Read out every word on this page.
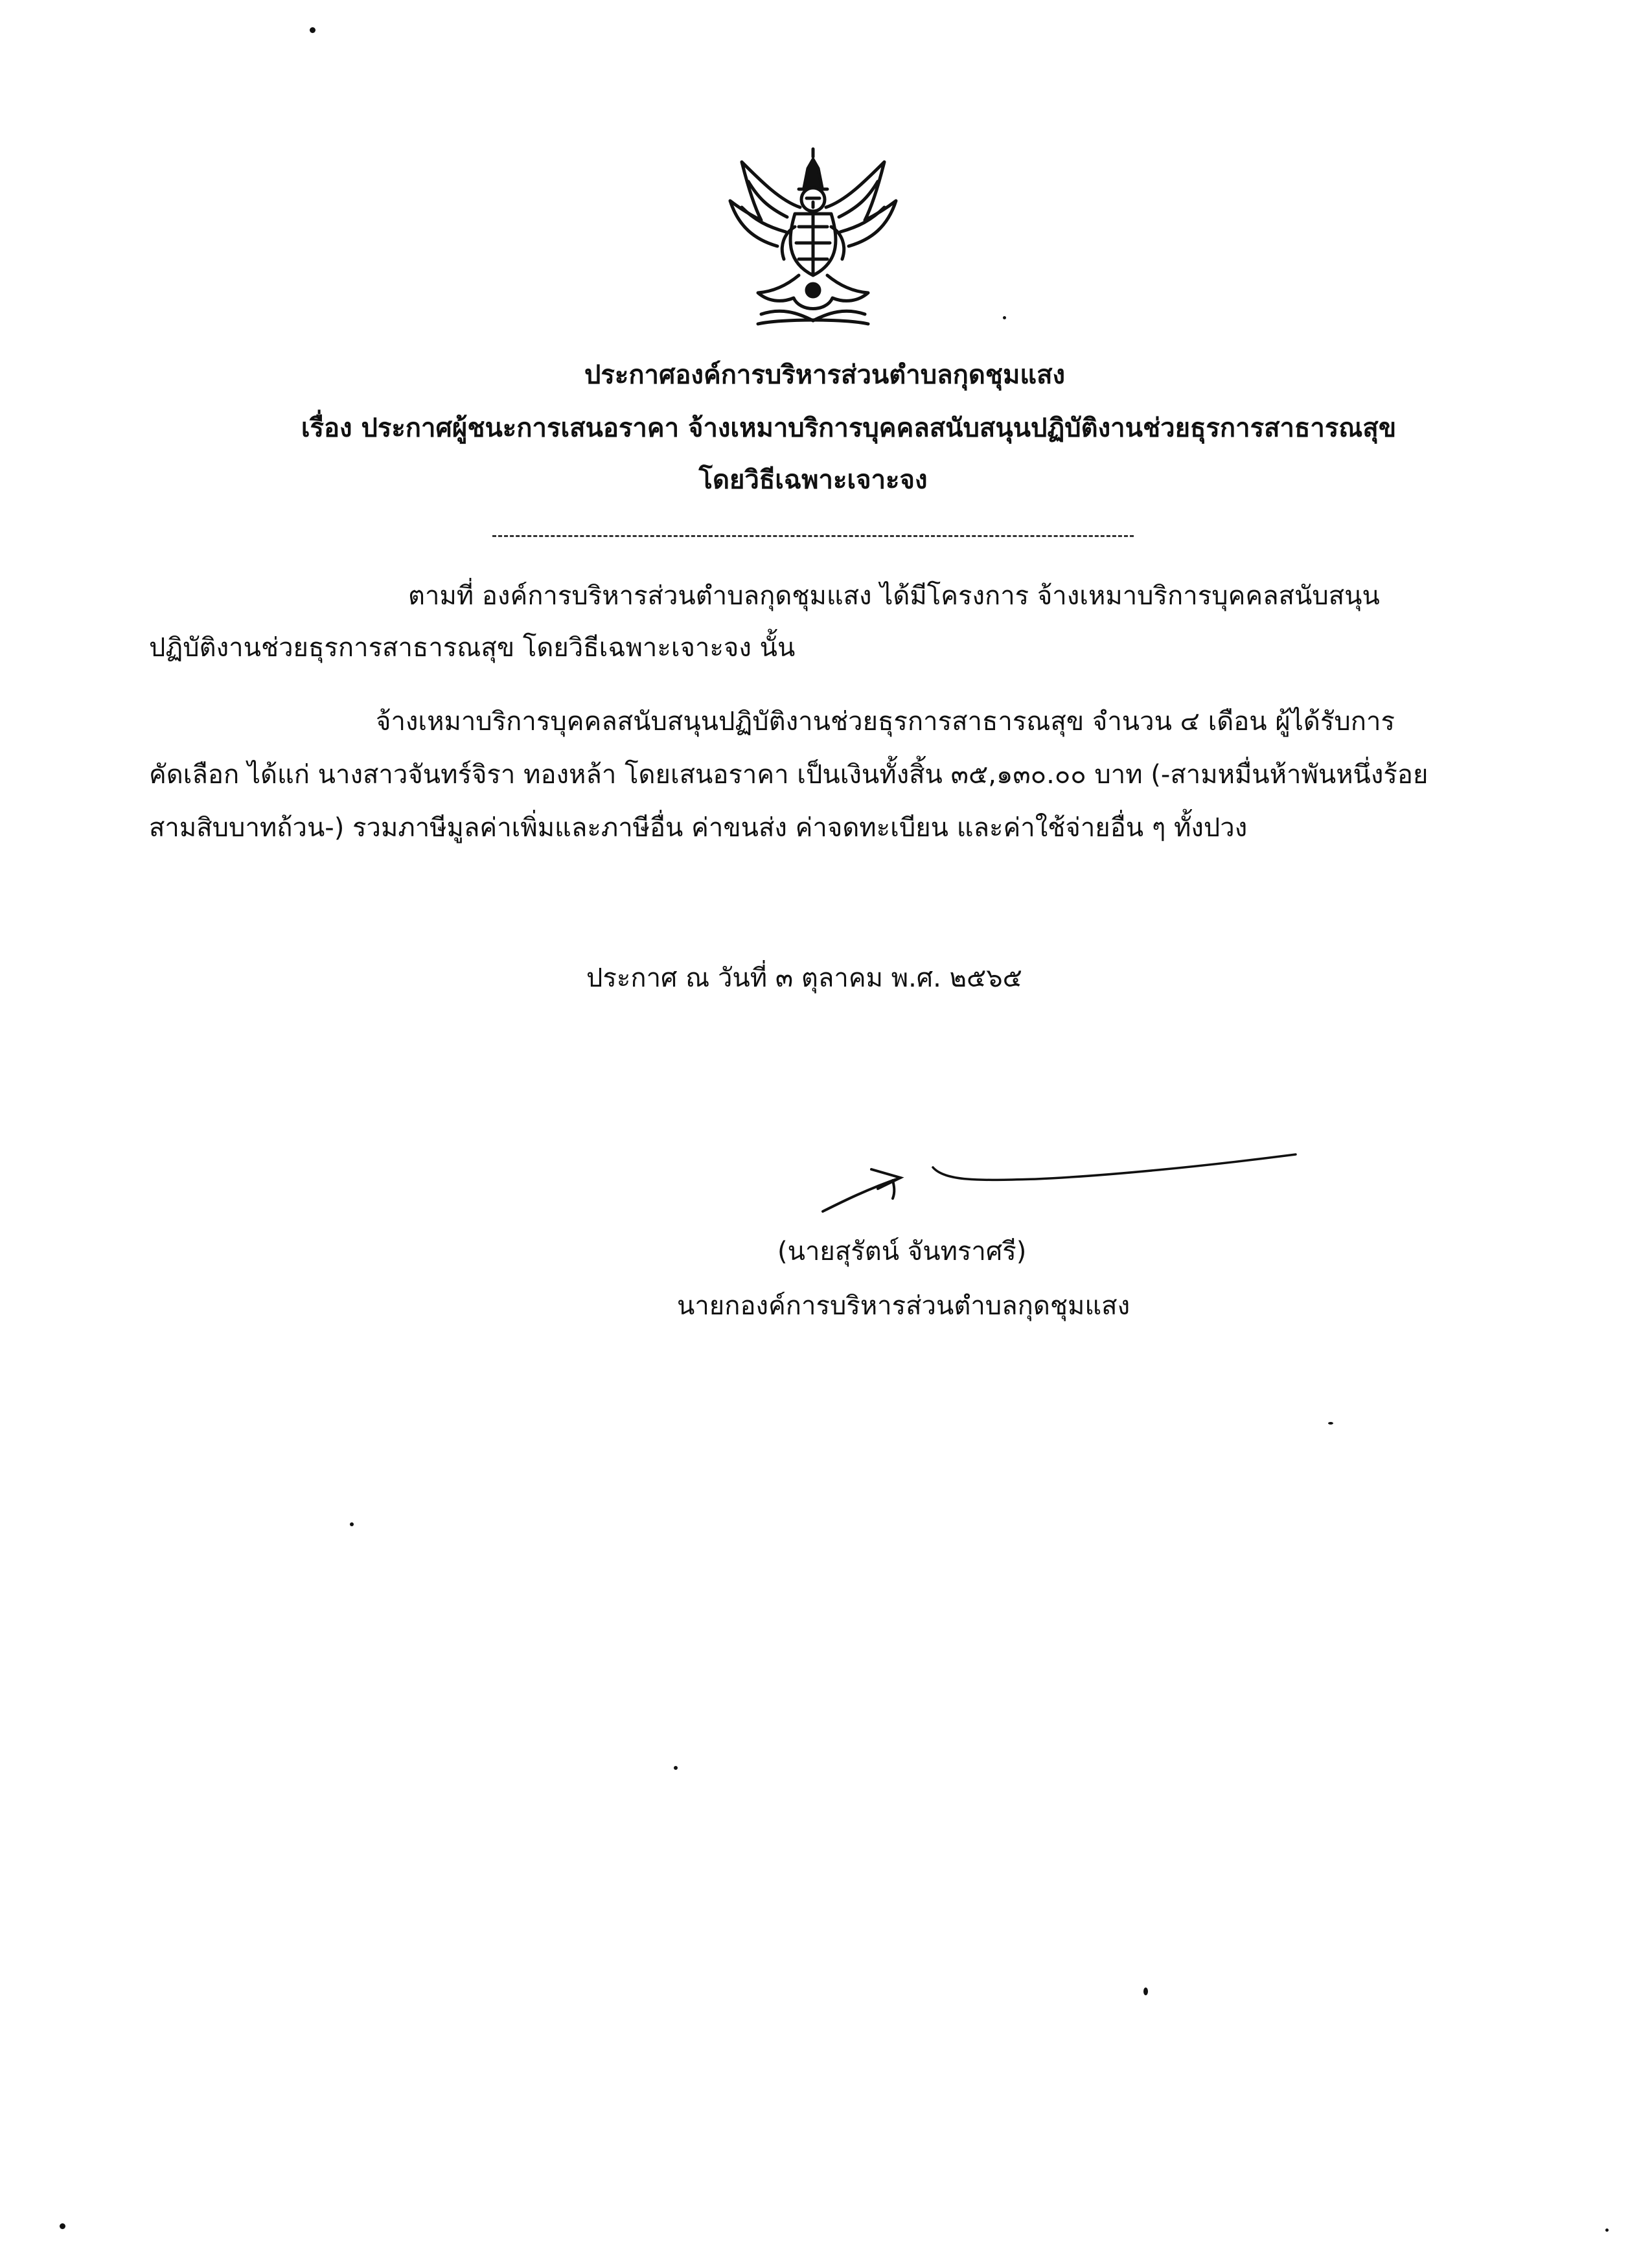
ประกาศองค์การบริหารส่วนตำบลกุดชุมแสง
เรื่อง ประกาศผู้ชนะการเสนอราคา จ้างเหมาบริการบุคคลสนับสนุนปฏิบัติงานช่วยธุรการสาธารณสุข
โดยวิธีเฉพาะเจาะจง
ตามที่ องค์การบริหารส่วนตำบลกุดชุมแสง ได้มีโครงการ จ้างเหมาบริการบุคคลสนับสนุน
ปฏิบัติงานช่วยธุรการสาธารณสุข โดยวิธีเฉพาะเจาะจง นั้น
จ้างเหมาบริการบุคคลสนับสนุนปฏิบัติงานช่วยธุรการสาธารณสุข จำนวน ๔ เดือน ผู้ได้รับการ
คัดเลือก ได้แก่ นางสาวจันทร์จิรา ทองหล้า โดยเสนอราคา เป็นเงินทั้งสิ้น ๓๕,๑๓๐.๐๐ บาท (-สามหมื่นห้าพันหนึ่งร้อย
สามสิบบาทถ้วน-) รวมภาษีมูลค่าเพิ่มและภาษีอื่น ค่าขนส่ง ค่าจดทะเบียน และค่าใช้จ่ายอื่น ๆ ทั้งปวง
ประกาศ ณ วันที่ ๓ ตุลาคม พ.ศ. ๒๕๖๕
(นายสุรัตน์ จันทราศรี)
นายกองค์การบริหารส่วนตำบลกุดชุมแสง
